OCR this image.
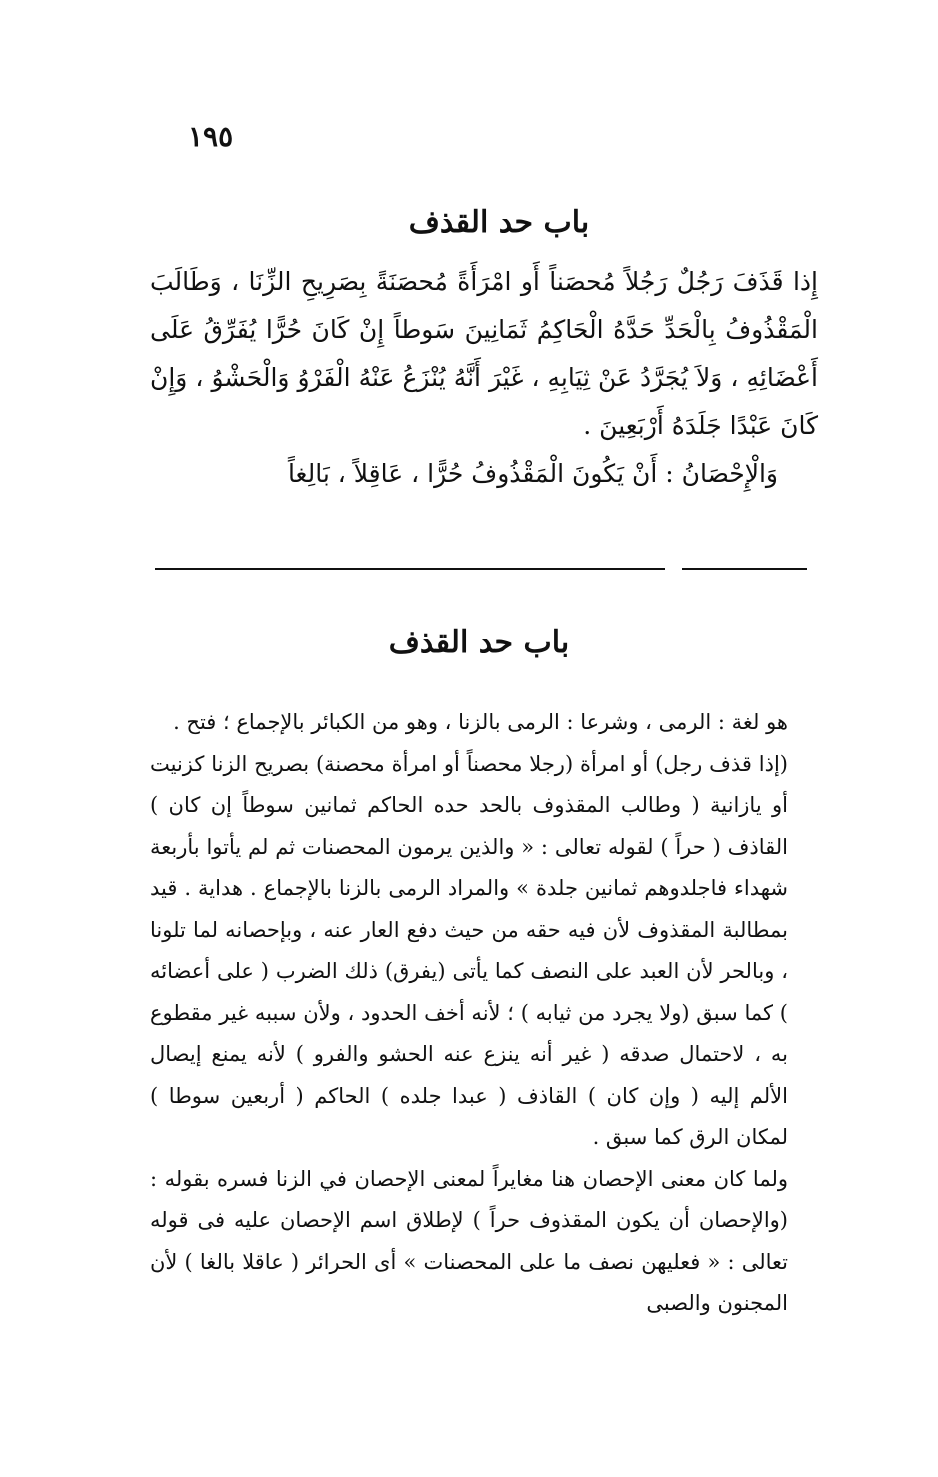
١٩٥
باب حد القذف

إِذا قَذَفَ رَجُلٌ رَجُلاً مُحصَناً أَو امْرَأَةً مُحصَنَةً بِصَرِيحِ الزِّنَا ، وَطَالَبَ الْمَقْذُوفُ بِالْحَدِّ حَدَّهُ الْحَاكِمُ ثَمَانِينَ سَوطاً إِنْ كَانَ حُرًّا يُفَرِّقُ عَلَى أَعْضَائِهِ ، وَلاَ يُجَرَّدُ عَنْ ثِيَابِهِ ، غَيْرَ أَنَّهُ يُنْزَعُ عَنْهُ الْفَرْوُ وَالْحَشْوُ ، وَإِنْ كَانَ عَبْدًا جَلَدَهُ أَرْبَعِينَ .

وَالْإِحْصَانُ : أَنْ يَكُونَ الْمَقْذُوفُ حُرًّا ، عَاقِلاً ، بَالِغاً

باب حد القذف

هو لغة : الرمى ، وشرعا : الرمى بالزنا ، وهو من الكبائر بالإجماع ؛ فتح .

(إذا قذف رجل) أو امرأة (رجلا محصناً أو امرأة محصنة) بصريح الزنا كزنيت أو يازانية ( وطالب المقذوف بالحد حده الحاكم ثمانين سوطاً إن كان ) القاذف ( حراً ) لقوله تعالى : « والذين يرمون المحصنات ثم لم يأتوا بأربعة شهداء فاجلدوهم ثمانين جلدة » والمراد الرمى بالزنا بالإجماع . هداية . قيد بمطالبة المقذوف لأن فيه حقه من حيث دفع العار عنه ، وبإحصانه لما تلونا ، وبالحر لأن العبد على النصف كما يأتى (يفرق) ذلك الضرب ( على أعضائه ) كما سبق (ولا يجرد من ثيابه ) ؛ لأنه أخف الحدود ، ولأن سببه غير مقطوع به ، لاحتمال صدقه ( غير أنه ينزع عنه الحشو والفرو ) لأنه يمنع إيصال الألم إليه ( وإن كان ) القاذف ( عبدا جلده ) الحاكم ( أربعين سوطا ) لمكان الرق كما سبق .

ولما كان معنى الإحصان هنا مغايراً لمعنى الإحصان في الزنا فسره بقوله : (والإحصان أن يكون المقذوف حراً ) لإطلاق اسم الإحصان عليه فى قوله تعالى : « فعليهن نصف ما على المحصنات » أى الحرائر ( عاقلا بالغا ) لأن المجنون والصبى
